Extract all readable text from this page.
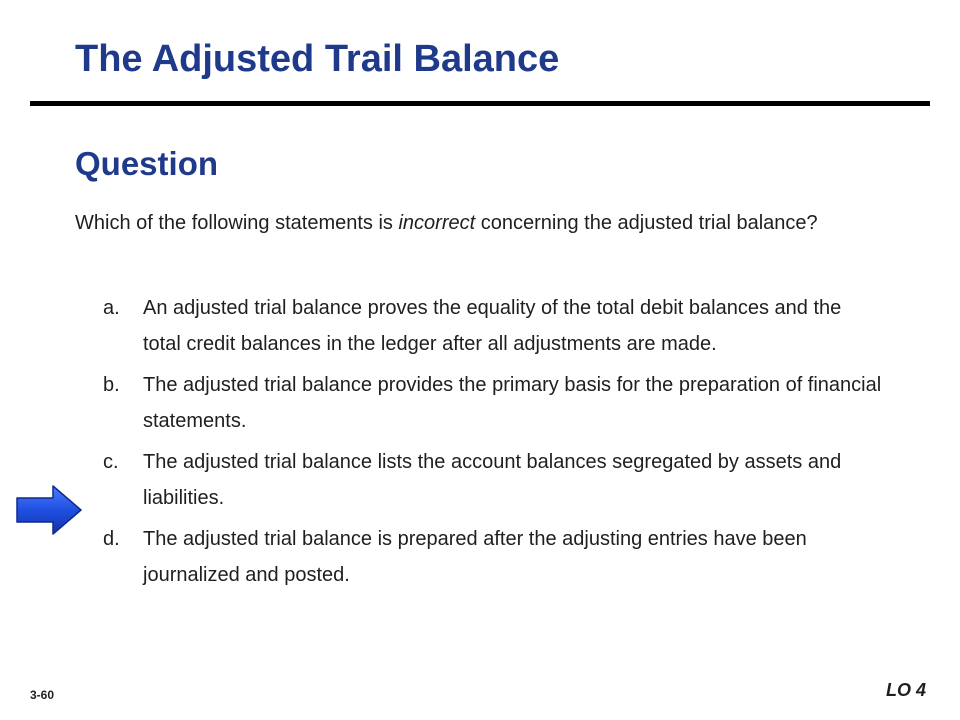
The Adjusted Trail Balance
Question
Which of the following statements is incorrect concerning the adjusted trial balance?
a.	An adjusted trial balance proves the equality of the total debit balances and the total credit balances in the ledger after all adjustments are made.
b.	The adjusted trial balance provides the primary basis for the preparation of financial statements.
c.	The adjusted trial balance lists the account balances segregated by assets and liabilities.
d.	The adjusted trial balance is prepared after the adjusting entries have been journalized and posted.
3-60	LO 4
